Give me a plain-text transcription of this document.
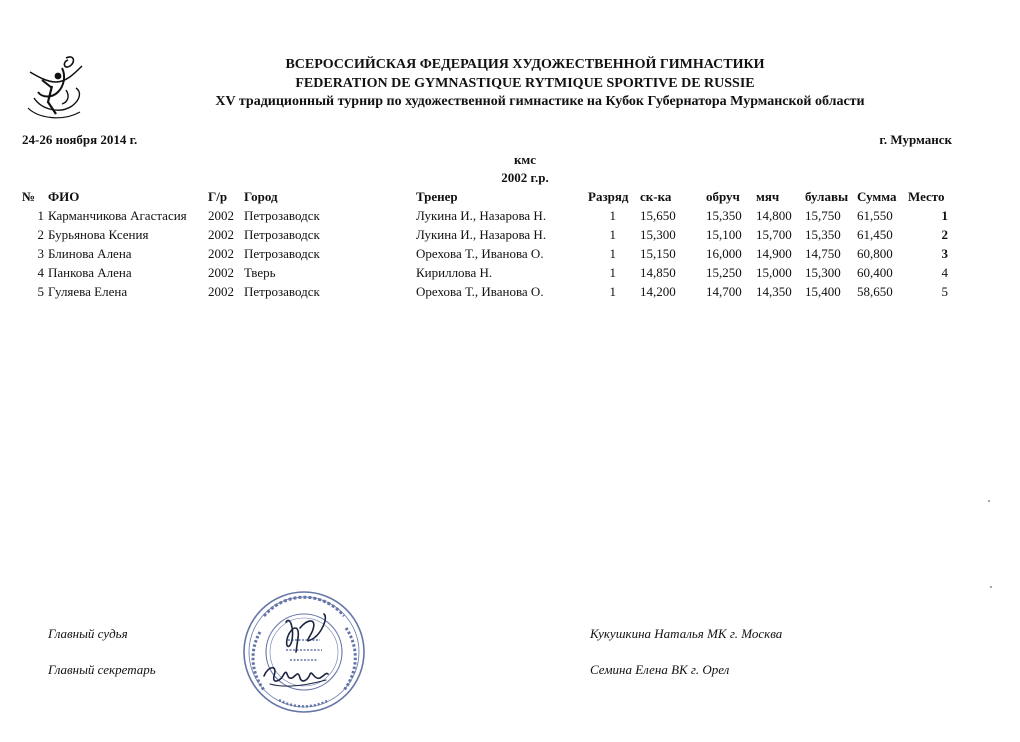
ВСЕРОССИЙСКАЯ ФЕДЕРАЦИЯ ХУДОЖЕСТВЕННОЙ ГИМНАСТИКИ
FEDERATION DE GYMNASTIQUE RYTMIQUE SPORTIVE DE RUSSIE
XV традиционный турнир по художественной гимнастике на Кубок Губернатора Мурманской области
24-26 ноября 2014 г.	г. Мурманск
кмс
2002 г.р.
№ ФИО	Г/р Город	Тренер	Разряд ск-ка	обруч мяч булавы Сумма Место
1 Карманчикова Агастасия	2002 Петрозаводск	Лукина И., Назарова Н.	1 15,650 15,350 14,800 15,750 61,550	1
2 Бурьянова Ксения	2002 Петрозаводск	Лукина И., Назарова Н.	1 15,300 15,100 15,700 15,350 61,450	2
3 Блинова Алена	2002 Петрозаводск	Орехова Т., Иванова О.	1 15,150 16,000 14,900 14,750 60,800	3
4 Панкова Алена	2002 Тверь	Кириллова Н.	1 14,850 15,250 15,000 15,300 60,400	4
5 Гуляева Елена	2002 Петрозаводск	Орехова Т., Иванова О.	1 14,200 14,700 14,350 15,400 58,650	5
Главный судья	Кукушкина Наталья МК г. Москва
Главный секретарь	Семина Елена ВК г. Орел
